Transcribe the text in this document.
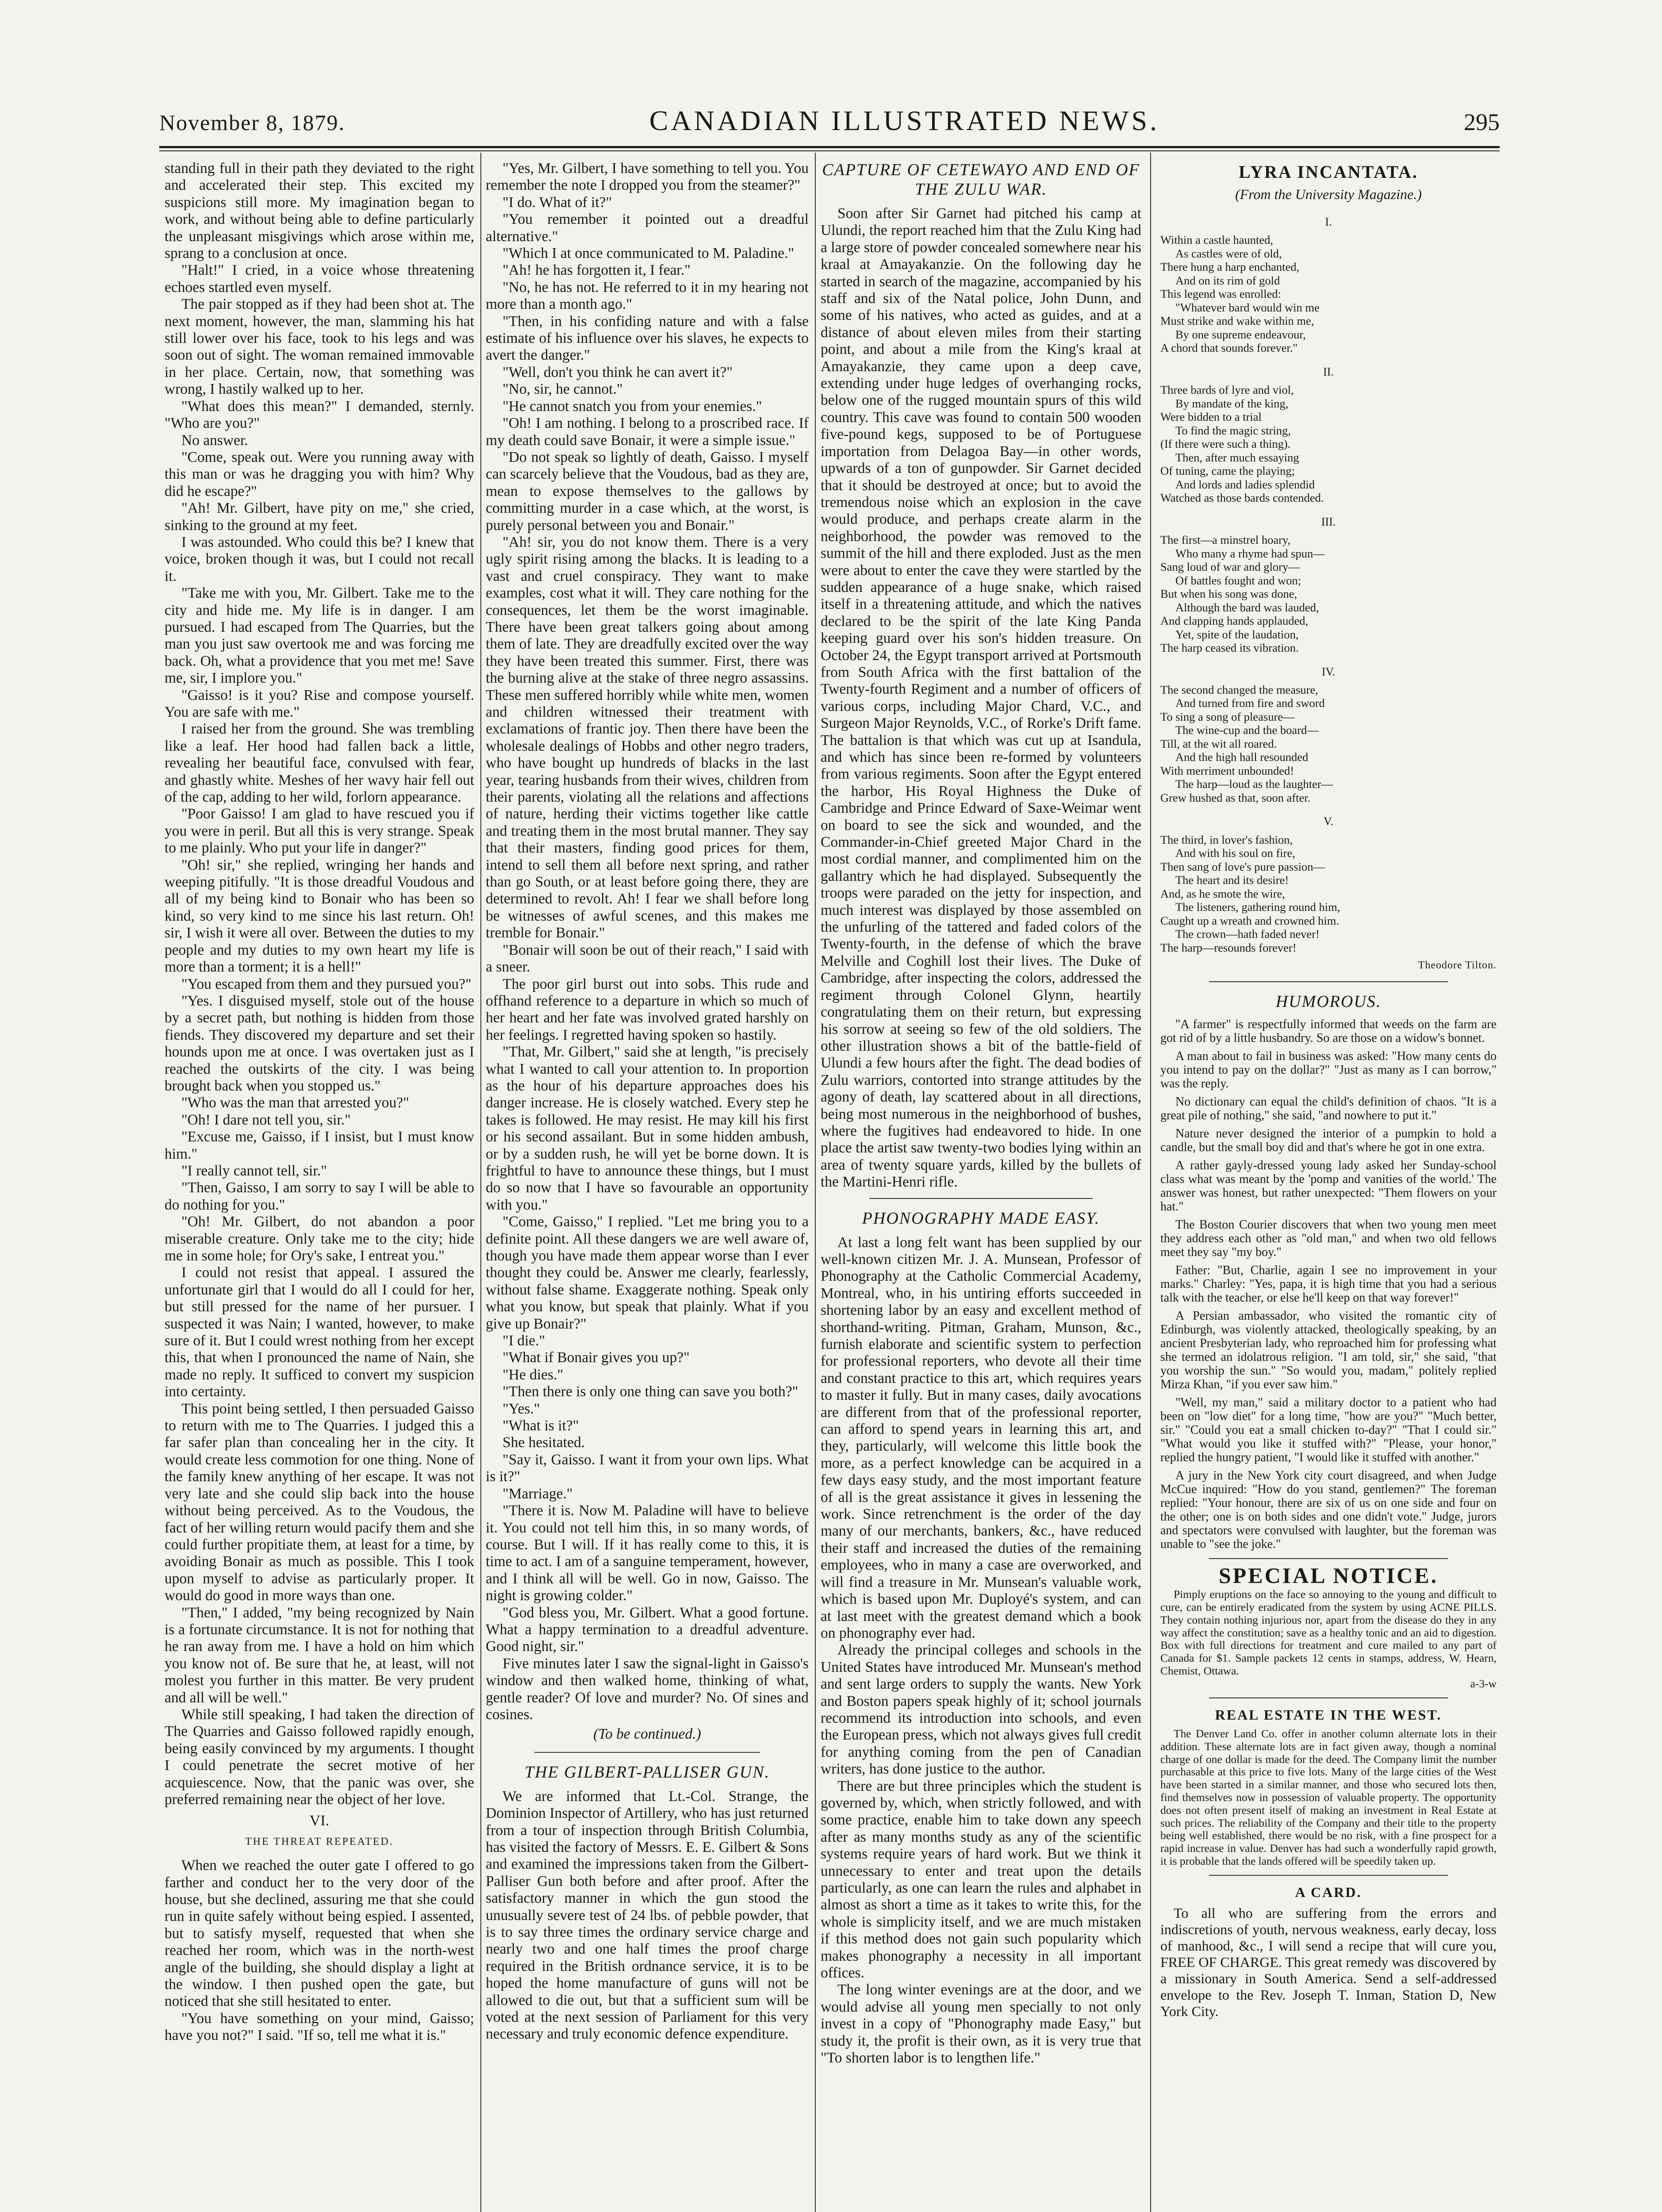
November 8, 1879.	CANADIAN ILLUSTRATED NEWS.	295

standing full in their path they deviated to the right and accelerated their step. This excited my suspicions still more. My imagination began to work, and without being able to define particularly the unpleasant misgivings which arose within me, sprang to a conclusion at once.

"Halt!" I cried, in a voice whose threatening echoes startled even myself.

The pair stopped as if they had been shot at. The next moment, however, the man, slamming his hat still lower over his face, took to his legs and was soon out of sight. The woman remained immovable in her place. Certain, now, that something was wrong, I hastily walked up to her.

"What does this mean?" I demanded, sternly. "Who are you?"

No answer.

"Come, speak out. Were you running away with this man or was he dragging you with him? Why did he escape?"

"Ah! Mr. Gilbert, have pity on me," she cried, sinking to the ground at my feet.

I was astounded. Who could this be? I knew that voice, broken though it was, but I could not recall it.

"Take me with you, Mr. Gilbert. Take me to the city and hide me. My life is in danger. I am pursued. I had escaped from The Quarries, but the man you just saw overtook me and was forcing me back. Oh, what a providence that you met me! Save me, sir, I implore you."

"Gaisso! is it you? Rise and compose yourself. You are safe with me."

I raised her from the ground. She was trembling like a leaf. Her hood had fallen back a little, revealing her beautiful face, convulsed with fear, and ghastly white. Meshes of her wavy hair fell out of the cap, adding to her wild, forlorn appearance.

"Poor Gaisso! I am glad to have rescued you if you were in peril. But all this is very strange. Speak to me plainly. Who put your life in danger?"

"Oh! sir," she replied, wringing her hands and weeping pitifully. "It is those dreadful Voudous and all of my being kind to Bonair who has been so kind, so very kind to me since his last return. Oh! sir, I wish it were all over. Between the duties to my people and my duties to my own heart my life is more than a torment; it is a hell!"

"You escaped from them and they pursued you?"

"Yes. I disguised myself, stole out of the house by a secret path, but nothing is hidden from those fiends. They discovered my departure and set their hounds upon me at once. I was overtaken just as I reached the outskirts of the city. I was being brought back when you stopped us."

"Who was the man that arrested you?"

"Oh! I dare not tell you, sir."

"Excuse me, Gaisso, if I insist, but I must know him."

"I really cannot tell, sir."

"Then, Gaisso, I am sorry to say I will be able to do nothing for you."

"Oh! Mr. Gilbert, do not abandon a poor miserable creature. Only take me to the city; hide me in some hole; for Ory's sake, I entreat you."

I could not resist that appeal. I assured the unfortunate girl that I would do all I could for her, but still pressed for the name of her pursuer. I suspected it was Nain; I wanted, however, to make sure of it. But I could wrest nothing from her except this, that when I pronounced the name of Nain, she made no reply. It sufficed to convert my suspicion into certainty.

This point being settled, I then persuaded Gaisso to return with me to The Quarries. I judged this a far safer plan than concealing her in the city. It would create less commotion for one thing. None of the family knew anything of her escape. It was not very late and she could slip back into the house without being perceived. As to the Voudous, the fact of her willing return would pacify them and she could further propitiate them, at least for a time, by avoiding Bonair as much as possible. This I took upon myself to advise as particularly proper. It would do good in more ways than one.

"Then," I added, "my being recognized by Nain is a fortunate circumstance. It is not for nothing that he ran away from me. I have a hold on him which you know not of. Be sure that he, at least, will not molest you further in this matter. Be very prudent and all will be well."

While still speaking, I had taken the direction of The Quarries and Gaisso followed rapidly enough, being easily convinced by my arguments. I thought I could penetrate the secret motive of her acquiescence. Now, that the panic was over, she preferred remaining near the object of her love.

VI.
THE THREAT REPEATED.

When we reached the outer gate I offered to go farther and conduct her to the very door of the house, but she declined, assuring me that she could run in quite safely without being espied. I assented, but to satisfy myself, requested that when she reached her room, which was in the north-west angle of the building, she should display a light at the window. I then pushed open the gate, but noticed that she still hesitated to enter.

"You have something on your mind, Gaisso; have you not?" I said. "If so, tell me what it is."

"Yes, Mr. Gilbert, I have something to tell you. You remember the note I dropped you from the steamer?"

"I do. What of it?"

"You remember it pointed out a dreadful alternative."

"Which I at once communicated to M. Paladine."

"Ah! he has forgotten it, I fear."

"No, he has not. He referred to it in my hearing not more than a month ago."

"Then, in his confiding nature and with a false estimate of his influence over his slaves, he expects to avert the danger."

"Well, don't you think he can avert it?"

"No, sir, he cannot."

"He cannot snatch you from your enemies."

"Oh! I am nothing. I belong to a proscribed race. If my death could save Bonair, it were a simple issue."

"Do not speak so lightly of death, Gaisso. I myself can scarcely believe that the Voudous, bad as they are, mean to expose themselves to the gallows by committing murder in a case which, at the worst, is purely personal between you and Bonair."

"Ah! sir, you do not know them. There is a very ugly spirit rising among the blacks. It is leading to a vast and cruel conspiracy. They want to make examples, cost what it will. They care nothing for the consequences, let them be the worst imaginable. There have been great talkers going about among them of late. They are dreadfully excited over the way they have been treated this summer. First, there was the burning alive at the stake of three negro assassins. These men suffered horribly while white men, women and children witnessed their treatment with exclamations of frantic joy. Then there have been the wholesale dealings of Hobbs and other negro traders, who have bought up hundreds of blacks in the last year, tearing husbands from their wives, children from their parents, violating all the relations and affections of nature, herding their victims together like cattle and treating them in the most brutal manner. They say that their masters, finding good prices for them, intend to sell them all before next spring, and rather than go South, or at least before going there, they are determined to revolt. Ah! I fear we shall before long be witnesses of awful scenes, and this makes me tremble for Bonair."

"Bonair will soon be out of their reach," I said with a sneer.

The poor girl burst out into sobs. This rude and offhand reference to a departure in which so much of her heart and her fate was involved grated harshly on her feelings. I regretted having spoken so hastily.

"That, Mr. Gilbert," said she at length, "is precisely what I wanted to call your attention to. In proportion as the hour of his departure approaches does his danger increase. He is closely watched. Every step he takes is followed. He may resist. He may kill his first or his second assailant. But in some hidden ambush, or by a sudden rush, he will yet be borne down. It is frightful to have to announce these things, but I must do so now that I have so favourable an opportunity with you."

"Come, Gaisso," I replied. "Let me bring you to a definite point. All these dangers we are well aware of, though you have made them appear worse than I ever thought they could be. Answer me clearly, fearlessly, without false shame. Exaggerate nothing. Speak only what you know, but speak that plainly. What if you give up Bonair?"

"I die."

"What if Bonair gives you up?"

"He dies."

"Then there is only one thing can save you both?"

"Yes."

"What is it?"

She hesitated.

"Say it, Gaisso. I want it from your own lips. What is it?"

"Marriage."

"There it is. Now M. Paladine will have to believe it. You could not tell him this, in so many words, of course. But I will. If it has really come to this, it is time to act. I am of a sanguine temperament, however, and I think all will be well. Go in now, Gaisso. The night is growing colder."

"God bless you, Mr. Gilbert. What a good fortune. What a happy termination to a dreadful adventure. Good night, sir."

Five minutes later I saw the signal-light in Gaisso's window and then walked home, thinking of what, gentle reader? Of love and murder? No. Of sines and cosines.

(To be continued.)
THE GILBERT-PALLISER GUN.

We are informed that Lt.-Col. Strange, the Dominion Inspector of Artillery, who has just returned from a tour of inspection through British Columbia, has visited the factory of Messrs. E. E. Gilbert & Sons and examined the impressions taken from the Gilbert-Palliser Gun both before and after proof. After the satisfactory manner in which the gun stood the unusually severe test of 24 lbs. of pebble powder, that is to say three times the ordinary service charge and nearly two and one half times the proof charge required in the British ordnance service, it is to be hoped the home manufacture of guns will not be allowed to die out, but that a sufficient sum will be voted at the next session of Parliament for this very necessary and truly economic defence expenditure.

CAPTURE OF CETEWAYO AND END OF THE ZULU WAR.

Soon after Sir Garnet had pitched his camp at Ulundi, the report reached him that the Zulu King had a large store of powder concealed somewhere near his kraal at Amayakanzie. On the following day he started in search of the magazine, accompanied by his staff and six of the Natal police, John Dunn, and some of his natives, who acted as guides, and at a distance of about eleven miles from their starting point, and about a mile from the King's kraal at Amayakanzie, they came upon a deep cave, extending under huge ledges of overhanging rocks, below one of the rugged mountain spurs of this wild country. This cave was found to contain 500 wooden five-pound kegs, supposed to be of Portuguese importation from Delagoa Bay—in other words, upwards of a ton of gunpowder. Sir Garnet decided that it should be destroyed at once; but to avoid the tremendous noise which an explosion in the cave would produce, and perhaps create alarm in the neighborhood, the powder was removed to the summit of the hill and there exploded. Just as the men were about to enter the cave they were startled by the sudden appearance of a huge snake, which raised itself in a threatening attitude, and which the natives declared to be the spirit of the late King Panda keeping guard over his son's hidden treasure. On October 24, the Egypt transport arrived at Portsmouth from South Africa with the first battalion of the Twenty-fourth Regiment and a number of officers of various corps, including Major Chard, V.C., and Surgeon Major Reynolds, V.C., of Rorke's Drift fame. The battalion is that which was cut up at Isandula, and which has since been re-formed by volunteers from various regiments. Soon after the Egypt entered the harbor, His Royal Highness the Duke of Cambridge and Prince Edward of Saxe-Weimar went on board to see the sick and wounded, and the Commander-in-Chief greeted Major Chard in the most cordial manner, and complimented him on the gallantry which he had displayed. Subsequently the troops were paraded on the jetty for inspection, and much interest was displayed by those assembled on the unfurling of the tattered and faded colors of the Twenty-fourth, in the defense of which the brave Melville and Coghill lost their lives. The Duke of Cambridge, after inspecting the colors, addressed the regiment through Colonel Glynn, heartily congratulating them on their return, but expressing his sorrow at seeing so few of the old soldiers. The other illustration shows a bit of the battle-field of Ulundi a few hours after the fight. The dead bodies of Zulu warriors, contorted into strange attitudes by the agony of death, lay scattered about in all directions, being most numerous in the neighborhood of bushes, where the fugitives had endeavored to hide. In one place the artist saw twenty-two bodies lying within an area of twenty square yards, killed by the bullets of the Martini-Henri rifle.

PHONOGRAPHY MADE EASY.

At last a long felt want has been supplied by our well-known citizen Mr. J. A. Munsean, Professor of Phonography at the Catholic Commercial Academy, Montreal, who, in his untiring efforts succeeded in shortening labor by an easy and excellent method of shorthand-writing. Pitman, Graham, Munson, &c., furnish elaborate and scientific system to perfection for professional reporters, who devote all their time and constant practice to this art, which requires years to master it fully. But in many cases, daily avocations are different from that of the professional reporter, can afford to spend years in learning this art, and they, particularly, will welcome this little book the more, as a perfect knowledge can be acquired in a few days easy study, and the most important feature of all is the great assistance it gives in lessening the work. Since retrenchment is the order of the day many of our merchants, bankers, &c., have reduced their staff and increased the duties of the remaining employees, who in many a case are overworked, and will find a treasure in Mr. Munsean's valuable work, which is based upon Mr. Duployé's system, and can at last meet with the greatest demand which a book on phonography ever had.

Already the principal colleges and schools in the United States have introduced Mr. Munsean's method and sent large orders to supply the wants. New York and Boston papers speak highly of it; school journals recommend its introduction into schools, and even the European press, which not always gives full credit for anything coming from the pen of Canadian writers, has done justice to the author.

There are but three principles which the student is governed by, which, when strictly followed, and with some practice, enable him to take down any speech after as many months study as any of the scientific systems require years of hard work. But we think it unnecessary to enter and treat upon the details particularly, as one can learn the rules and alphabet in almost as short a time as it takes to write this, for the whole is simplicity itself, and we are much mistaken if this method does not gain such popularity which makes phonography a necessity in all important offices.

The long winter evenings are at the door, and we would advise all young men specially to not only invest in a copy of "Phonography made Easy," but study it, the profit is their own, as it is very true that "To shorten labor is to lengthen life."

LYRA INCANTATA.
(From the University Magazine.)
I.
Within a castle haunted,
As castles were of old,
There hung a harp enchanted,
And on its rim of gold
This legend was enrolled:
"Whatever bard would win me
Must strike and wake within me,
By one supreme endeavour,
A chord that sounds forever."
II.
Three bards of lyre and viol,
By mandate of the king,
Were bidden to a trial
To find the magic string,
(If there were such a thing).
Then, after much essaying
Of tuning, came the playing;
And lords and ladies splendid
Watched as those bards contended.
III.
The first—a minstrel hoary,
Who many a rhyme had spun—
Sang loud of war and glory—
Of battles fought and won;
But when his song was done,
Although the bard was lauded,
And clapping hands applauded,
Yet, spite of the laudation,
The harp ceased its vibration.
IV.
The second changed the measure,
And turned from fire and sword
To sing a song of pleasure—
The wine-cup and the board—
Till, at the wit all roared.
And the high hall resounded
With merriment unbounded!
The harp—loud as the laughter—
Grew hushed as that, soon after.
V.
The third, in lover's fashion,
And with his soul on fire,
Then sang of love's pure passion—
The heart and its desire!
And, as he smote the wire,
The listeners, gathering round him,
Caught up a wreath and crowned him.
The crown—hath faded never!
The harp—resounds forever!
Theodore Tilton.
HUMOROUS.

"A farmer" is respectfully informed that weeds on the farm are got rid of by a little husbandry. So are those on a widow's bonnet.

A man about to fail in business was asked: "How many cents do you intend to pay on the dollar?" "Just as many as I can borrow," was the reply.

No dictionary can equal the child's definition of chaos. "It is a great pile of nothing," she said, "and nowhere to put it."

Nature never designed the interior of a pumpkin to hold a candle, but the small boy did and that's where he got in one extra.

A rather gayly-dressed young lady asked her Sunday-school class what was meant by the 'pomp and vanities of the world.' The answer was honest, but rather unexpected: "Them flowers on your hat."

The Boston Courier discovers that when two young men meet they address each other as "old man," and when two old fellows meet they say "my boy."

Father: "But, Charlie, again I see no improvement in your marks." Charley: "Yes, papa, it is high time that you had a serious talk with the teacher, or else he'll keep on that way forever!"

A Persian ambassador, who visited the romantic city of Edinburgh, was violently attacked, theologically speaking, by an ancient Presbyterian lady, who reproached him for professing what she termed an idolatrous religion. "I am told, sir," she said, "that you worship the sun." "So would you, madam," politely replied Mirza Khan, "if you ever saw him."

"Well, my man," said a military doctor to a patient who had been on "low diet" for a long time, "how are you?" "Much better, sir." "Could you eat a small chicken to-day?" "That I could sir." "What would you like it stuffed with?" "Please, your honor," replied the hungry patient, "I would like it stuffed with another."

A jury in the New York city court disagreed, and when Judge McCue inquired: "How do you stand, gentlemen?" The foreman replied: "Your honour, there are six of us on one side and four on the other; one is on both sides and one didn't vote." Judge, jurors and spectators were convulsed with laughter, but the foreman was unable to "see the joke."

SPECIAL NOTICE.

Pimply eruptions on the face so annoying to the young and difficult to cure, can be entirely eradicated from the system by using ACNE PILLS. They contain nothing injurious nor, apart from the disease do they in any way affect the constitution; save as a healthy tonic and an aid to digestion. Box with full directions for treatment and cure mailed to any part of Canada for $1. Sample packets 12 cents in stamps, address, W. Hearn, Chemist, Ottawa.

a-3-w
REAL ESTATE IN THE WEST.

The Denver Land Co. offer in another column alternate lots in their addition. These alternate lots are in fact given away, though a nominal charge of one dollar is made for the deed. The Company limit the number purchasable at this price to five lots. Many of the large cities of the West have been started in a similar manner, and those who secured lots then, find themselves now in possession of valuable property. The opportunity does not often present itself of making an investment in Real Estate at such prices. The reliability of the Company and their title to the property being well established, there would be no risk, with a fine prospect for a rapid increase in value. Denver has had such a wonderfully rapid growth, it is probable that the lands offered will be speedily taken up.

A CARD.

To all who are suffering from the errors and indiscretions of youth, nervous weakness, early decay, loss of manhood, &c., I will send a recipe that will cure you, FREE OF CHARGE. This great remedy was discovered by a missionary in South America. Send a self-addressed envelope to the Rev. Joseph T. Inman, Station D, New York City.
